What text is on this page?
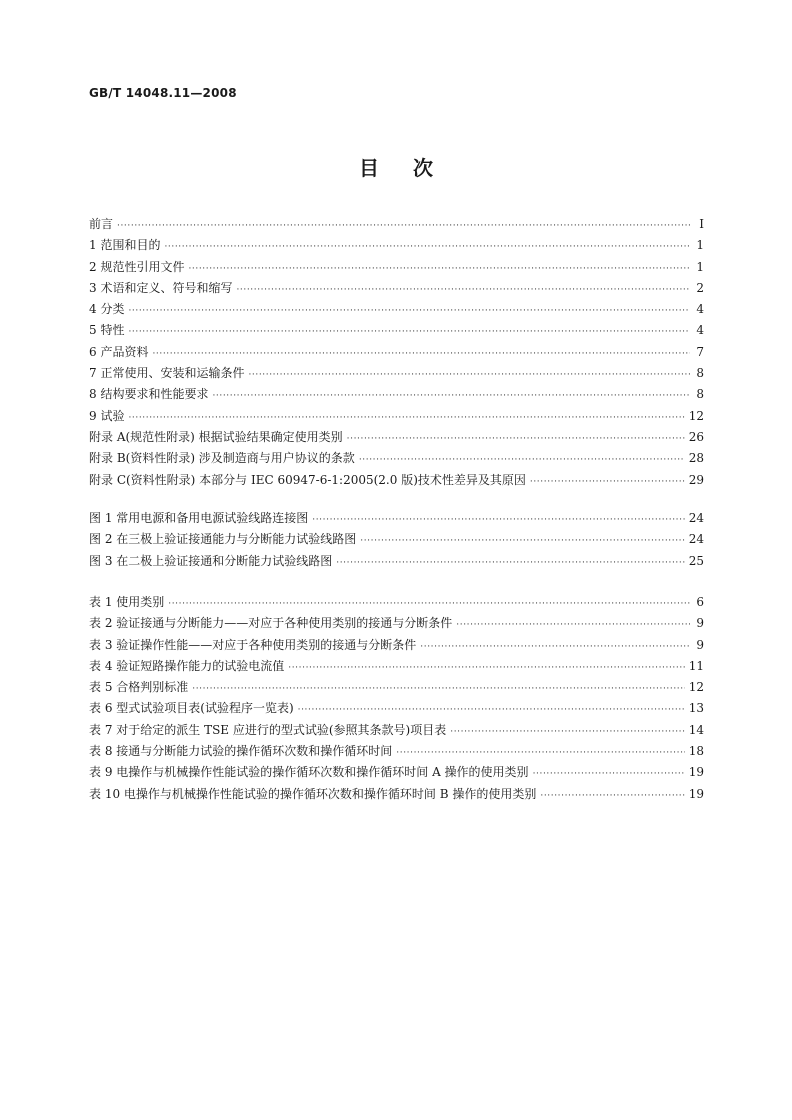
GB/T 14048.11—2008
目次
前言 ·····	Ⅰ
1 范围和目的 ·····	1
2 规范性引用文件 ·····	1
3 术语和定义、符号和缩写 ·····	2
4 分类 ·····	4
5 特性 ·····	4
6 产品资料 ·····	7
7 正常使用、安装和运输条件 ·····	8
8 结构要求和性能要求 ·····	8
9 试验 ·····	12
附录 A(规范性附录) 根据试验结果确定使用类别 ·····	26
附录 B(资料性附录) 涉及制造商与用户协议的条款 ·····	28
附录 C(资料性附录) 本部分与 IEC 60947-6-1:2005(2.0 版)技术性差异及其原因 ·····	29
图 1 常用电源和备用电源试验线路连接图 ·····	24
图 2 在三极上验证接通能力与分断能力试验线路图 ·····	24
图 3 在二极上验证接通和分断能力试验线路图 ·····	25
表 1 使用类别 ·····	6
表 2 验证接通与分断能力——对应于各种使用类别的接通与分断条件 ·····	9
表 3 验证操作性能——对应于各种使用类别的接通与分断条件 ·····	9
表 4 验证短路操作能力的试验电流值 ·····	11
表 5 合格判别标准 ·····	12
表 6 型式试验项目表(试验程序一览表) ·····	13
表 7 对于给定的派生 TSE 应进行的型式试验(参照其条款号)项目表 ·····	14
表 8 接通与分断能力试验的操作循环次数和操作循环时间 ·····	18
表 9 电操作与机械操作性能试验的操作循环次数和操作循环时间 A 操作的使用类别 ·····	19
表 10 电操作与机械操作性能试验的操作循环次数和操作循环时间 B 操作的使用类别 ·····	19
